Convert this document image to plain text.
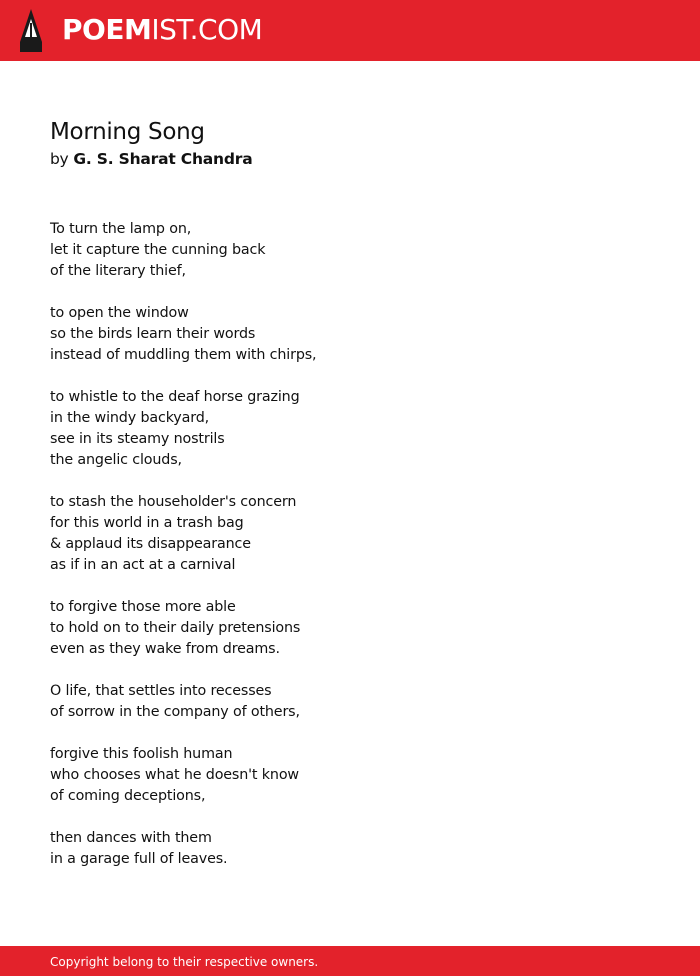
POEMIST.COM
Morning Song
by G. S. Sharat Chandra
To turn the lamp on,
let it capture the cunning back
of the literary thief,
to open the window
so the birds learn their words
instead of muddling them with chirps,
to whistle to the deaf horse grazing
in the windy backyard,
see in its steamy nostrils
the angelic clouds,
to stash the householder's concern
for this world in a trash bag
& applaud its disappearance
as if in an act at a carnival
to forgive those more able
to hold on to their daily pretensions
even as they wake from dreams.
O life, that settles into recesses
of sorrow in the company of others,
forgive this foolish human
who chooses what he doesn't know
of coming deceptions,
then dances with them
in a garage full of leaves.
Copyright belong to their respective owners.
